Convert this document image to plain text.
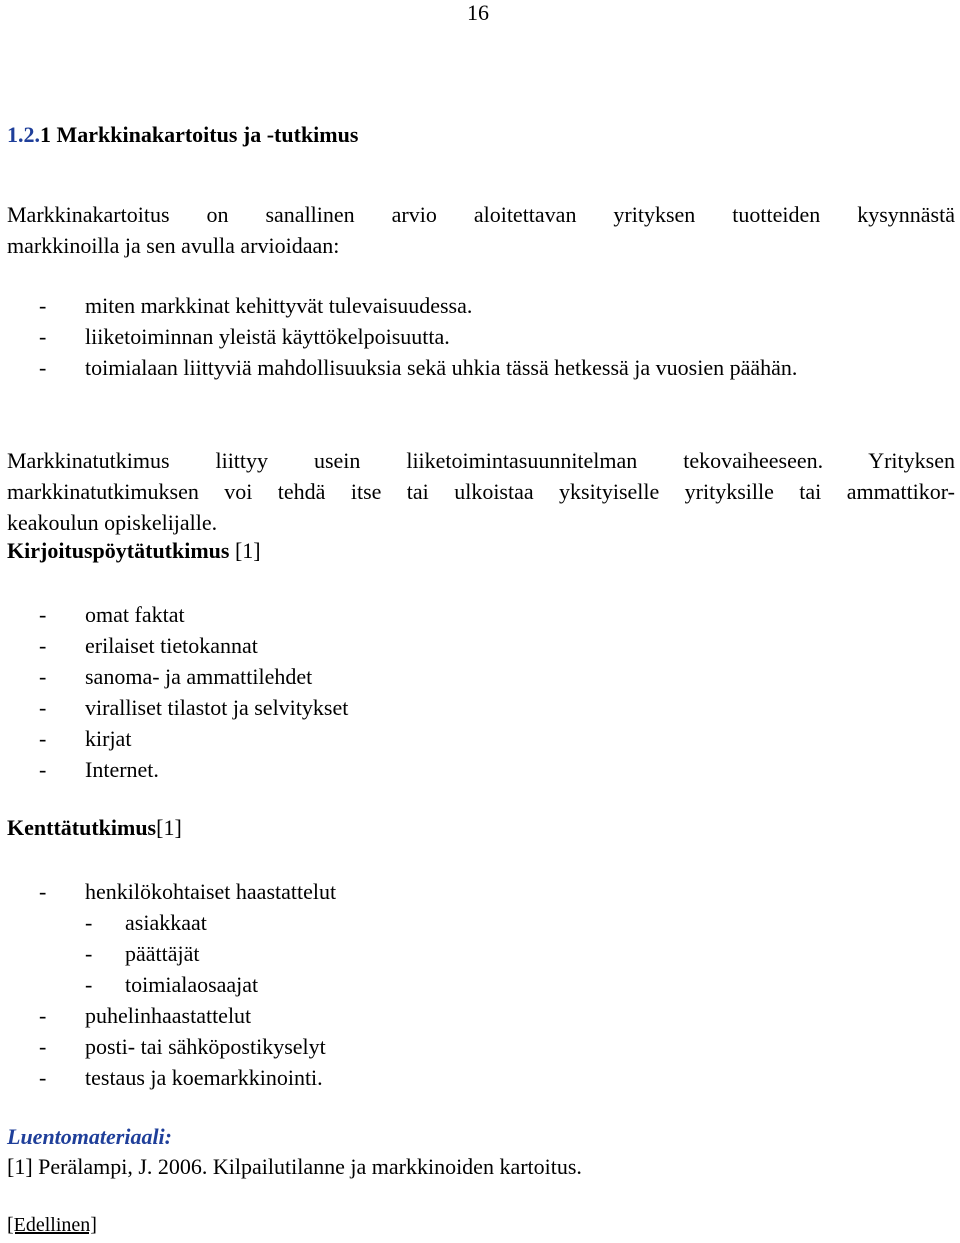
16
1.2.1 Markkinakartoitus ja -tutkimus
Markkinakartoitus on sanallinen arvio aloitettavan yrityksen tuotteiden kysynnästä
markkinoilla ja sen avulla arvioidaan:
- miten markkinat kehittyvät tulevaisuudessa.
- liiketoiminnan yleistä käyttökelpoisuutta.
- toimialaan liittyviä mahdollisuuksia sekä uhkia tässä hetkessä ja vuosien päähän.
Markkinatutkimus liittyy usein liiketoimintasuunnitelman tekovaiheeseen. Yrityksen
markkinatutkimuksen voi tehdä itse tai ulkoistaa yksityiselle yrityksille tai ammattikor-
keakoulun opiskelijalle.
Kirjoituspöytätutkimus [1]
- omat faktat
- erilaiset tietokannat
- sanoma- ja ammattilehdet
- viralliset tilastot ja selvitykset
- kirjat
- Internet.
Kenttätutkimus[1]
- henkilökohtaiset haastattelut
- asiakkaat
- päättäjät
- toimialaosaajat
- puhelinhaastattelut
- posti- tai sähköpostikyselyt
- testaus ja koemarkkinointi.
Luentomateriaali:
[1] Perälampi, J. 2006. Kilpailutilanne ja markkinoiden kartoitus.
[Edellinen]
